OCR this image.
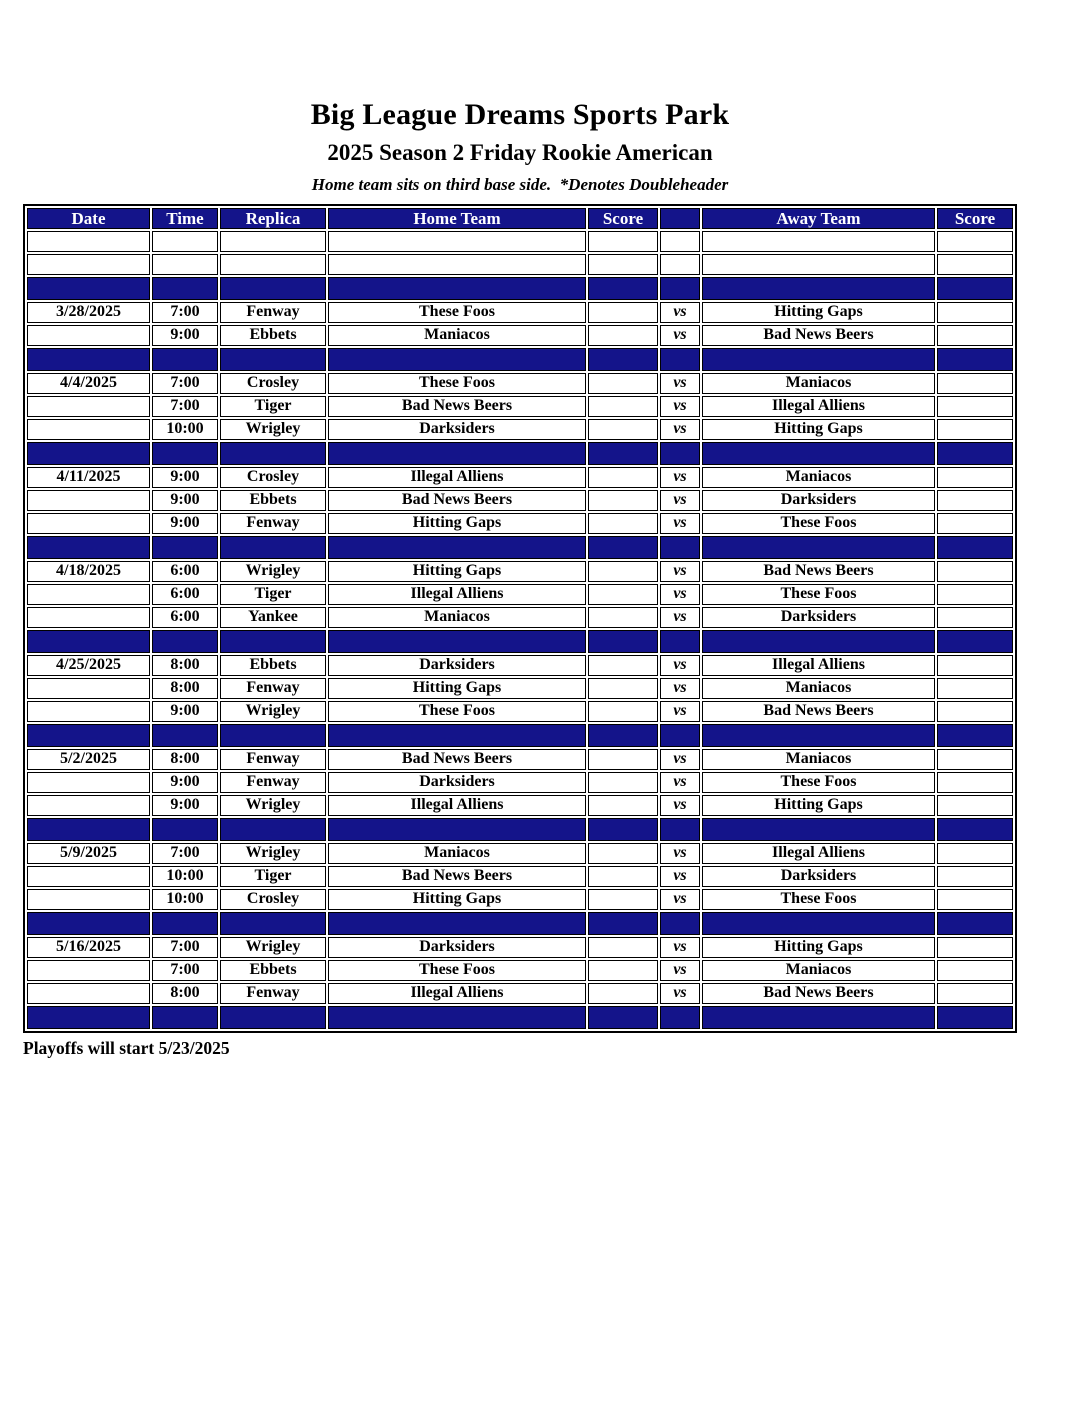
Big League Dreams Sports Park
2025 Season 2 Friday Rookie American
Home team sits on third base side.  *Denotes Doubleheader
Date	Time	Replica	Home Team	Score		Away Team	Score

3/28/2025	7:00	Fenway	These Foos		vs	Hitting Gaps	
	9:00	Ebbets	Maniacos		vs	Bad News Beers	

4/4/2025	7:00	Crosley	These Foos		vs	Maniacos	
	7:00	Tiger	Bad News Beers		vs	Illegal Alliens	
	10:00	Wrigley	Darksiders		vs	Hitting Gaps	

4/11/2025	9:00	Crosley	Illegal Alliens		vs	Maniacos	
	9:00	Ebbets	Bad News Beers		vs	Darksiders	
	9:00	Fenway	Hitting Gaps		vs	These Foos	

4/18/2025	6:00	Wrigley	Hitting Gaps		vs	Bad News Beers	
	6:00	Tiger	Illegal Alliens		vs	These Foos	
	6:00	Yankee	Maniacos		vs	Darksiders	

4/25/2025	8:00	Ebbets	Darksiders		vs	Illegal Alliens	
	8:00	Fenway	Hitting Gaps		vs	Maniacos	
	9:00	Wrigley	These Foos		vs	Bad News Beers	

5/2/2025	8:00	Fenway	Bad News Beers		vs	Maniacos	
	9:00	Fenway	Darksiders		vs	These Foos	
	9:00	Wrigley	Illegal Alliens		vs	Hitting Gaps	

5/9/2025	7:00	Wrigley	Maniacos		vs	Illegal Alliens	
	10:00	Tiger	Bad News Beers		vs	Darksiders	
	10:00	Crosley	Hitting Gaps		vs	These Foos	

5/16/2025	7:00	Wrigley	Darksiders		vs	Hitting Gaps	
	7:00	Ebbets	These Foos		vs	Maniacos	
	8:00	Fenway	Illegal Alliens		vs	Bad News Beers	

Playoffs will start 5/23/2025
